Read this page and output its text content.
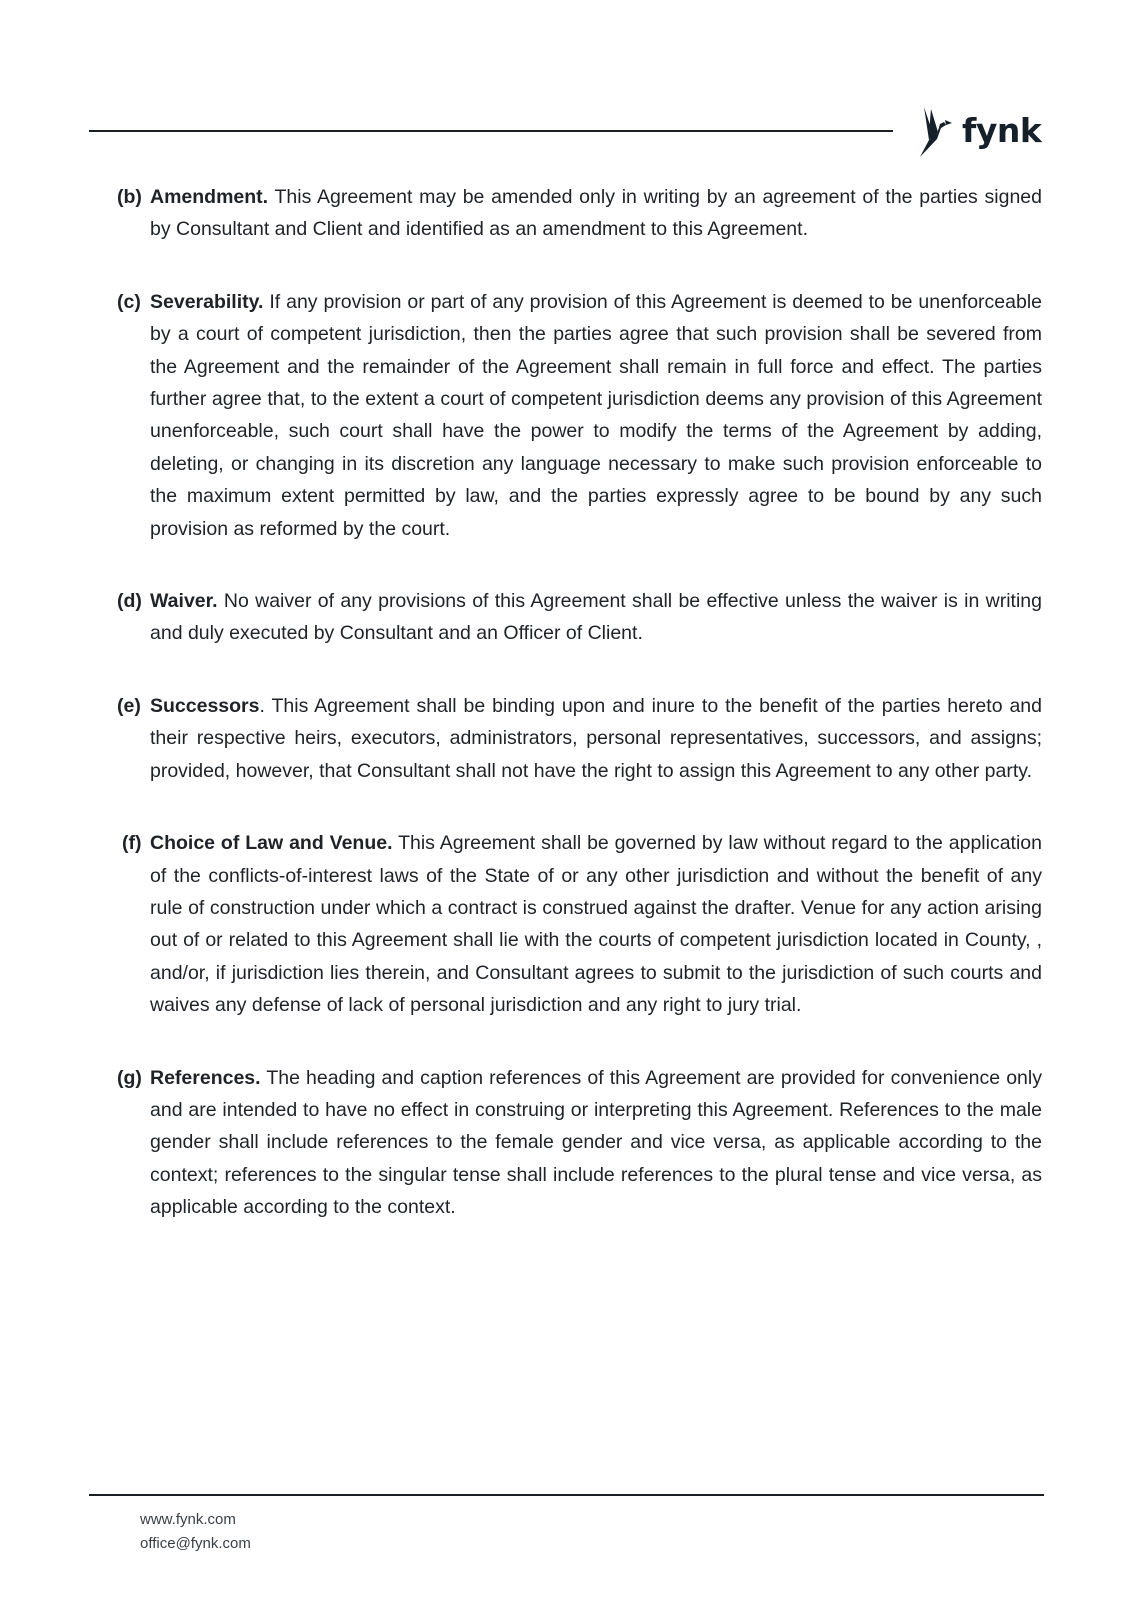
fynk

(b) Amendment. This Agreement may be amended only in writing by an agreement of the parties signed by Consultant and Client and identified as an amendment to this Agreement.

(c) Severability. If any provision or part of any provision of this Agreement is deemed to be unenforceable by a court of competent jurisdiction, then the parties agree that such provision shall be severed from the Agreement and the remainder of the Agreement shall remain in full force and effect. The parties further agree that, to the extent a court of competent jurisdiction deems any provision of this Agreement unenforceable, such court shall have the power to modify the terms of the Agreement by adding, deleting, or changing in its discretion any language necessary to make such provision enforceable to the maximum extent permitted by law, and the parties expressly agree to be bound by any such provision as reformed by the court.

(d) Waiver. No waiver of any provisions of this Agreement shall be effective unless the waiver is in writing and duly executed by Consultant and an Officer of Client.

(e) Successors. This Agreement shall be binding upon and inure to the benefit of the parties hereto and their respective heirs, executors, administrators, personal representatives, successors, and assigns; provided, however, that Consultant shall not have the right to assign this Agreement to any other party.

(f) Choice of Law and Venue. This Agreement shall be governed by law without regard to the application of the conflicts-of-interest laws of the State of or any other jurisdiction and without the benefit of any rule of construction under which a contract is construed against the drafter. Venue for any action arising out of or related to this Agreement shall lie with the courts of competent jurisdiction located in County, , and/or, if jurisdiction lies therein, and Consultant agrees to submit to the jurisdiction of such courts and waives any defense of lack of personal jurisdiction and any right to jury trial.

(g) References. The heading and caption references of this Agreement are provided for convenience only and are intended to have no effect in construing or interpreting this Agreement. References to the male gender shall include references to the female gender and vice versa, as applicable according to the context; references to the singular tense shall include references to the plural tense and vice versa, as applicable according to the context.

www.fynk.com
office@fynk.com
